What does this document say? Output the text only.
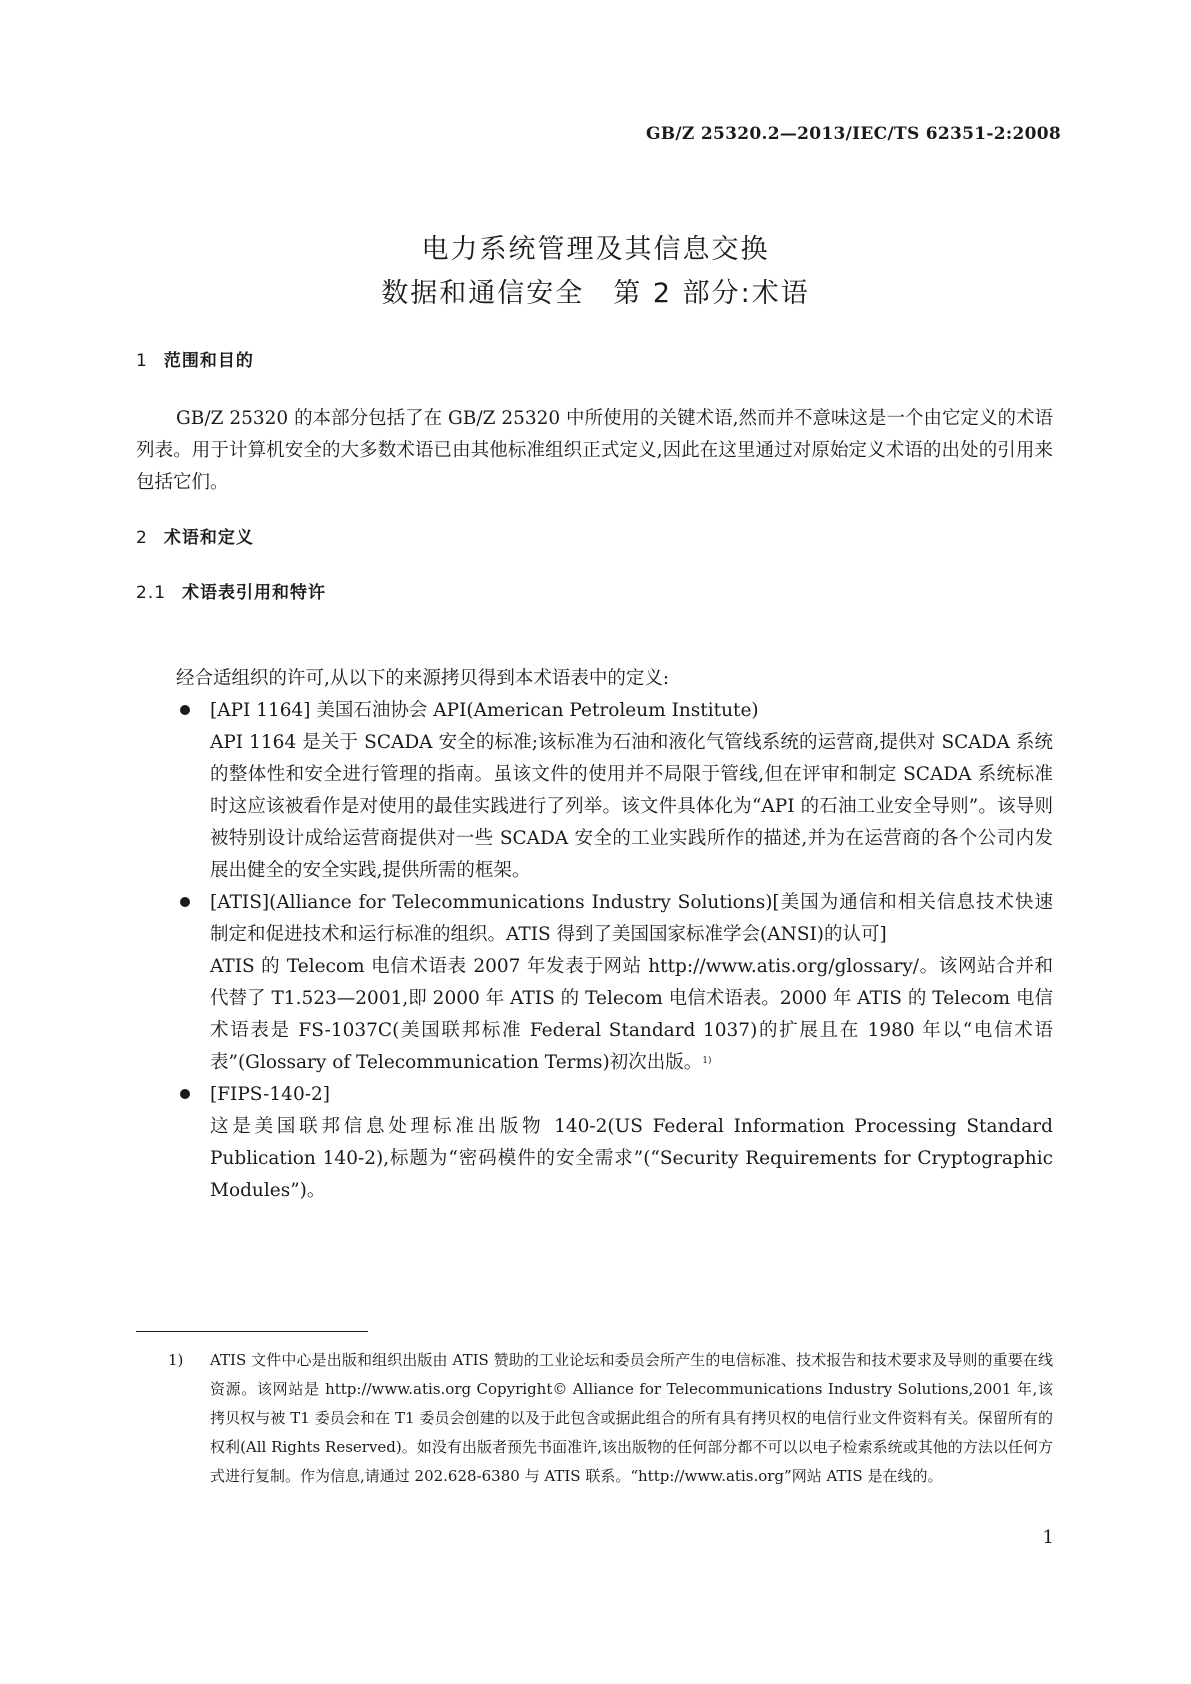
GB/Z 25320.2—2013/IEC/TS 62351-2:2008
电力系统管理及其信息交换
数据和通信安全　第 2 部分:术语
1 范围和目的

GB/Z 25320 的本部分包括了在 GB/Z 25320 中所使用的关键术语,然而并不意味这是一个由它定义的术语列表。用于计算机安全的大多数术语已由其他标准组织正式定义,因此在这里通过对原始定义术语的出处的引用来包括它们。

2 术语和定义
2.1 术语表引用和特许
经合适组织的许可,从以下的来源拷贝得到本术语表中的定义:
[API 1164] 美国石油协会 API(American Petroleum Institute)
API 1164 是关于 SCADA 安全的标准;该标准为石油和液化气管线系统的运营商,提供对 SCADA 系统的整体性和安全进行管理的指南。虽该文件的使用并不局限于管线,但在评审和制定 SCADA 系统标准时这应该被看作是对使用的最佳实践进行了列举。该文件具体化为“API 的石油工业安全导则”。该导则被特别设计成给运营商提供对一些 SCADA 安全的工业实践所作的描述,并为在运营商的各个公司内发展出健全的安全实践,提供所需的框架。
[ATIS](Alliance for Telecommunications Industry Solutions)[美国为通信和相关信息技术快速制定和促进技术和运行标准的组织。ATIS 得到了美国国家标准学会(ANSI)的认可]
ATIS 的 Telecom 电信术语表 2007 年发表于网站 http://www.atis.org/glossary/。该网站合并和代替了 T1.523—2001,即 2000 年 ATIS 的 Telecom 电信术语表。2000 年 ATIS 的 Telecom 电信术语表是 FS-1037C(美国联邦标准 Federal Standard 1037)的扩展且在 1980 年以“电信术语表”(Glossary of Telecommunication Terms)初次出版。$^{1)}$
[FIPS-140-2]
这是美国联邦信息处理标准出版物 140-2(US Federal Information Processing Standard Publication 140-2),标题为“密码模件的安全需求”(“Security Requirements for Cryptographic Modules”)。
1)	ATIS 文件中心是出版和组织出版由 ATIS 赞助的工业论坛和委员会所产生的电信标准、技术报告和技术要求及导则的重要在线资源。该网站是 http://www.atis.org Copyright© Alliance for Telecommunications Industry Solutions,2001 年,该拷贝权与被 T1 委员会和在 T1 委员会创建的以及于此包含或据此组合的所有具有拷贝权的电信行业文件资料有关。保留所有的权利(All Rights Reserved)。如没有出版者预先书面准许,该出版物的任何部分都不可以以电子检索系统或其他的方法以任何方式进行复制。作为信息,请通过 202.628-6380 与 ATIS 联系。“http://www.atis.org”网站 ATIS 是在线的。
1
